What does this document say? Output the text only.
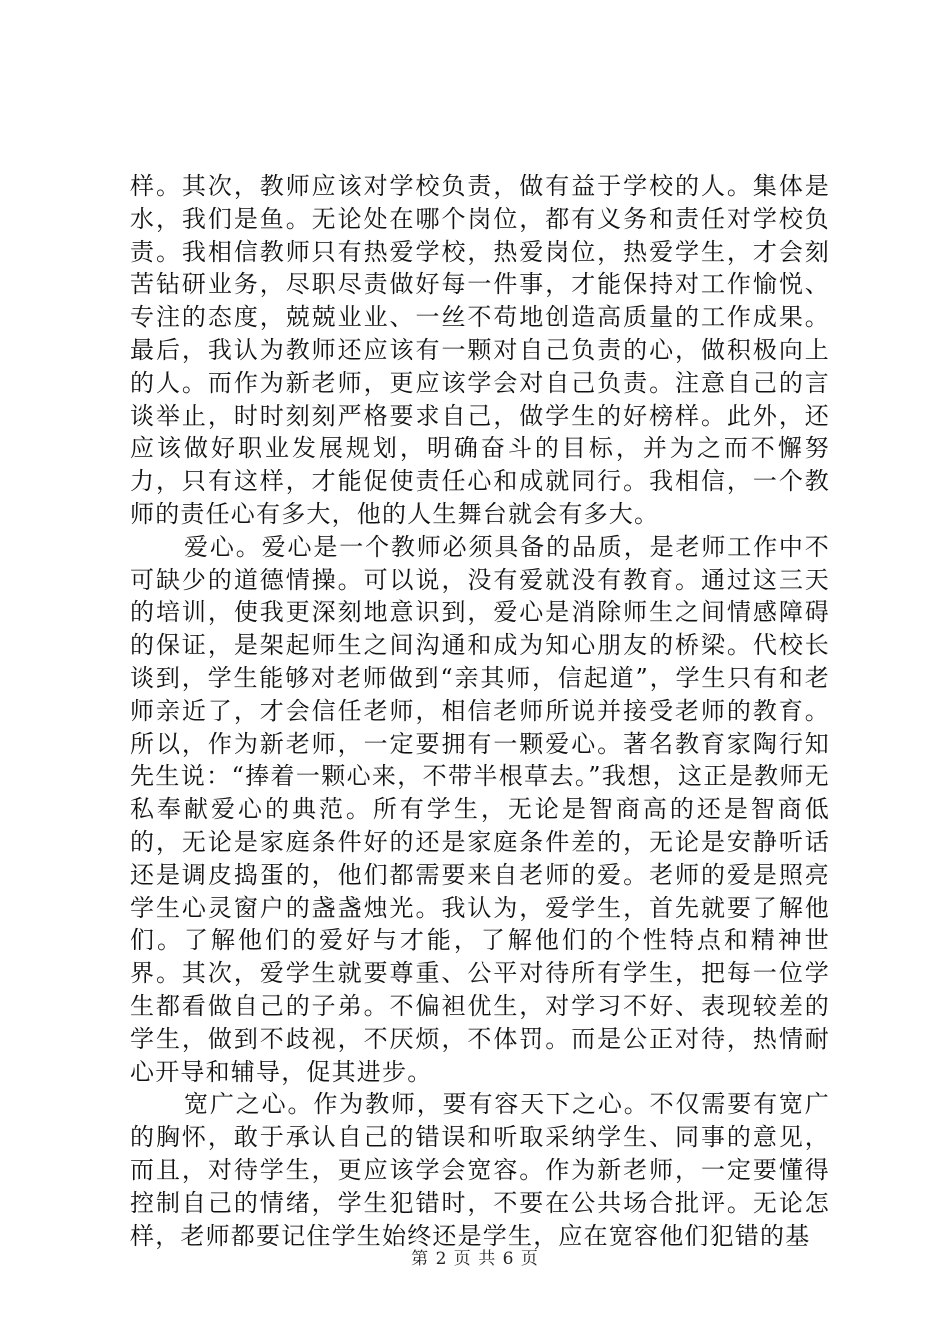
样。其次，教师应该对学校负责，做有益于学校的人。集体是水，我们是鱼。无论处在哪个岗位，都有义务和责任对学校负责。我相信教师只有热爱学校，热爱岗位，热爱学生，才会刻苦钻研业务，尽职尽责做好每一件事，才能保持对工作愉悦、专注的态度，兢兢业业、一丝不苟地创造高质量的工作成果。最后，我认为教师还应该有一颗对自己负责的心，做积极向上的人。而作为新老师，更应该学会对自己负责。注意自己的言谈举止，时时刻刻严格要求自己，做学生的好榜样。此外，还应该做好职业发展规划，明确奋斗的目标，并为之而不懈努力，只有这样，才能促使责任心和成就同行。我相信，一个教师的责任心有多大，他的人生舞台就会有多大。

爱心。爱心是一个教师必须具备的品质，是老师工作中不可缺少的道德情操。可以说，没有爱就没有教育。通过这三天的培训，使我更深刻地意识到，爱心是消除师生之间情感障碍的保证，是架起师生之间沟通和成为知心朋友的桥梁。代校长谈到，学生能够对老师做到“亲其师，信起道”，学生只有和老师亲近了，才会信任老师，相信老师所说并接受老师的教育。所以，作为新老师，一定要拥有一颗爱心。著名教育家陶行知先生说：“捧着一颗心来，不带半根草去。”我想，这正是教师无私奉献爱心的典范。所有学生，无论是智商高的还是智商低的，无论是家庭条件好的还是家庭条件差的，无论是安静听话还是调皮捣蛋的，他们都需要来自老师的爱。老师的爱是照亮学生心灵窗户的盏盏烛光。我认为，爱学生，首先就要了解他们。了解他们的爱好与才能，了解他们的个性特点和精神世界。其次，爱学生就要尊重、公平对待所有学生，把每一位学生都看做自己的子弟。不偏袒优生，对学习不好、表现较差的学生，做到不歧视，不厌烦，不体罚。而是公正对待，热情耐心开导和辅导，促其进步。

宽广之心。作为教师，要有容天下之心。不仅需要有宽广的胸怀，敢于承认自己的错误和听取采纳学生、同事的意见，而且，对待学生，更应该学会宽容。作为新老师，一定要懂得控制自己的情绪，学生犯错时，不要在公共场合批评。无论怎样，老师都要记住学生始终还是学生，应在宽容他们犯错的基

第 2 页 共 6 页
